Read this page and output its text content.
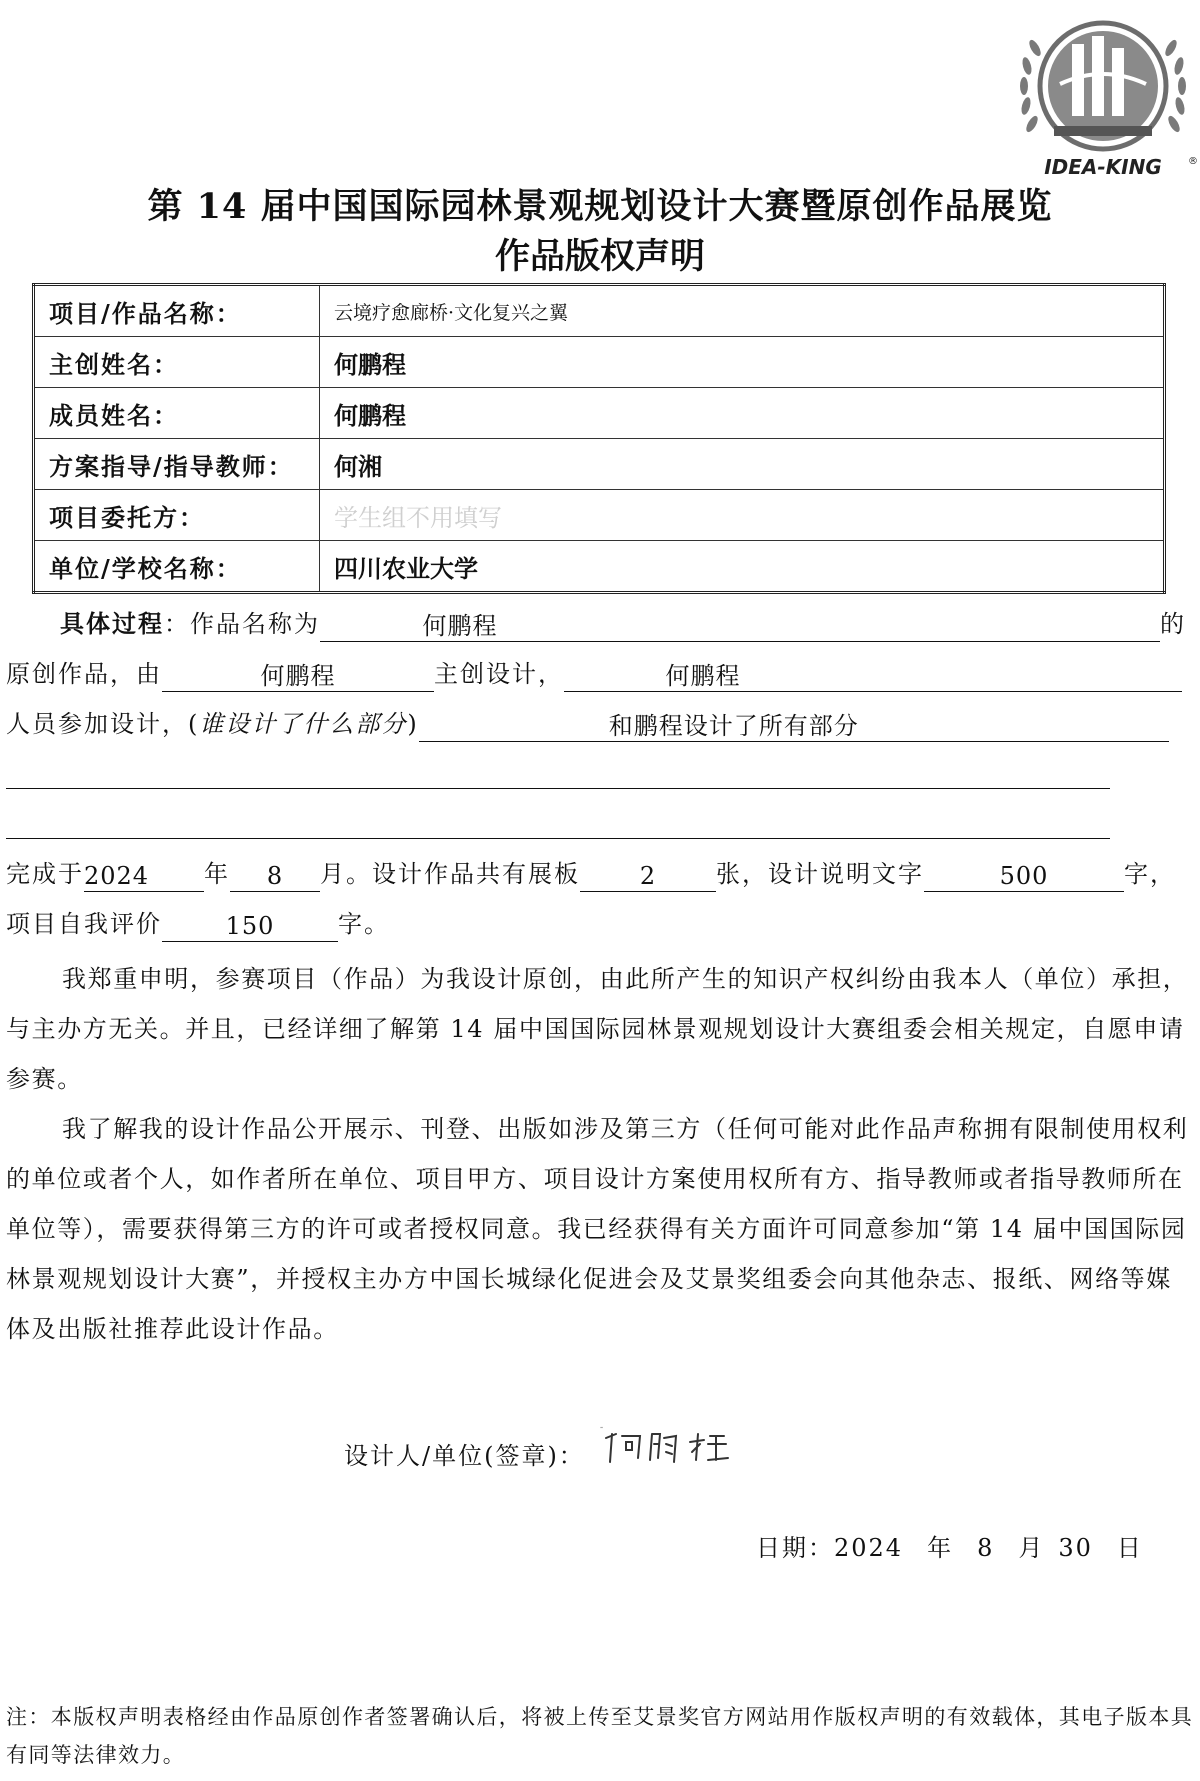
IDEA-KING	®
第 14 届中国国际园林景观规划设计大赛暨原创作品展览
作品版权声明
项目/作品名称：	云境疗愈廊桥·文化复兴之翼
主创姓名：	何鹏程
成员姓名：	何鹏程
方案指导/指导教师：	何湘
项目委托方：	学生组不用填写
单位/学校名称：	四川农业大学
具体过程：作品名称为	何鹏程	的
原创作品，由	何鹏程	主创设计，	何鹏程
人员参加设计，(谁设计了什么部分)	和鹏程设计了所有部分
完成于2024 年 8 月。设计作品共有展板 2 张，设计说明文字	500	字，
项目自我评价	150	字。

我郑重申明，参赛项目（作品）为我设计原创，由此所产生的知识产权纠纷由我本人（单位）承担，与主办方无关。并且，已经详细了解第 14 届中国国际园林景观规划设计大赛组委会相关规定，自愿申请参赛。

我了解我的设计作品公开展示、刊登、出版如涉及第三方（任何可能对此作品声称拥有限制使用权利的单位或者个人，如作者所在单位、项目甲方、项目设计方案使用权所有方、指导教师或者指导教师所在单位等），需要获得第三方的许可或者授权同意。我已经获得有关方面许可同意参加“第 14 届中国国际园林景观规划设计大赛”，并授权主办方中国长城绿化促进会及艾景奖组委会向其他杂志、报纸、网络等媒体及出版社推荐此设计作品。

设计人/单位(签章)：
日期：2024 年 8 月 30 日
注：本版权声明表格经由作品原创作者签署确认后，将被上传至艾景奖官方网站用作版权声明的有效载体，其电子版本具有同等法律效力。
